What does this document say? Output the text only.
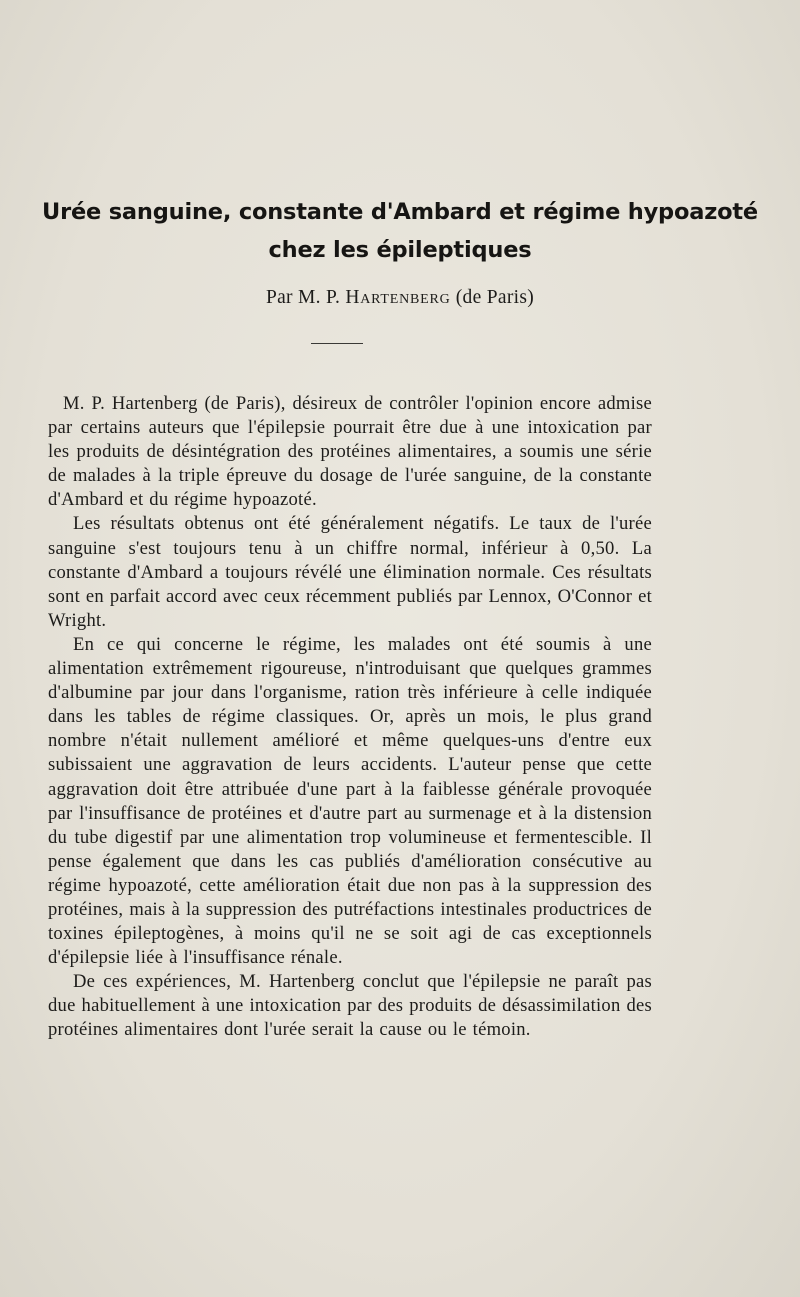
Urée sanguine, constante d'Ambard et régime hypoazoté chez les épileptiques

Par M. P. Hartenberg (de Paris)

M. P. Hartenberg (de Paris), désireux de contrôler l'opinion encore admise par certains auteurs que l'épilepsie pourrait être due à une intoxication par les produits de désintégration des protéines alimentaires, a soumis une série de malades à la triple épreuve du dosage de l'urée sanguine, de la constante d'Ambard et du régime hypoazoté.

Les résultats obtenus ont été généralement négatifs. Le taux de l'urée sanguine s'est toujours tenu à un chiffre normal, inférieur à 0,50. La constante d'Ambard a toujours révélé une élimination normale. Ces résultats sont en parfait accord avec ceux récemment publiés par Lennox, O'Connor et Wright.

En ce qui concerne le régime, les malades ont été soumis à une alimentation extrêmement rigoureuse, n'introduisant que quelques grammes d'albumine par jour dans l'organisme, ration très inférieure à celle indiquée dans les tables de régime classiques. Or, après un mois, le plus grand nombre n'était nullement amélioré et même quelques-uns d'entre eux subissaient une aggravation de leurs accidents. L'auteur pense que cette aggravation doit être attribuée d'une part à la faiblesse générale provoquée par l'insuffisance de protéines et d'autre part au surmenage et à la distension du tube digestif par une alimentation trop volumineuse et fermentescible. Il pense également que dans les cas publiés d'amélioration consécutive au régime hypoazoté, cette amélioration était due non pas à la suppression des protéines, mais à la suppression des putréfactions intestinales productrices de toxines épileptogènes, à moins qu'il ne se soit agi de cas exceptionnels d'épilepsie liée à l'insuffisance rénale.

De ces expériences, M. Hartenberg conclut que l'épilepsie ne paraît pas due habituellement à une intoxication par des produits de désassimilation des protéines alimentaires dont l'urée serait la cause ou le témoin.
